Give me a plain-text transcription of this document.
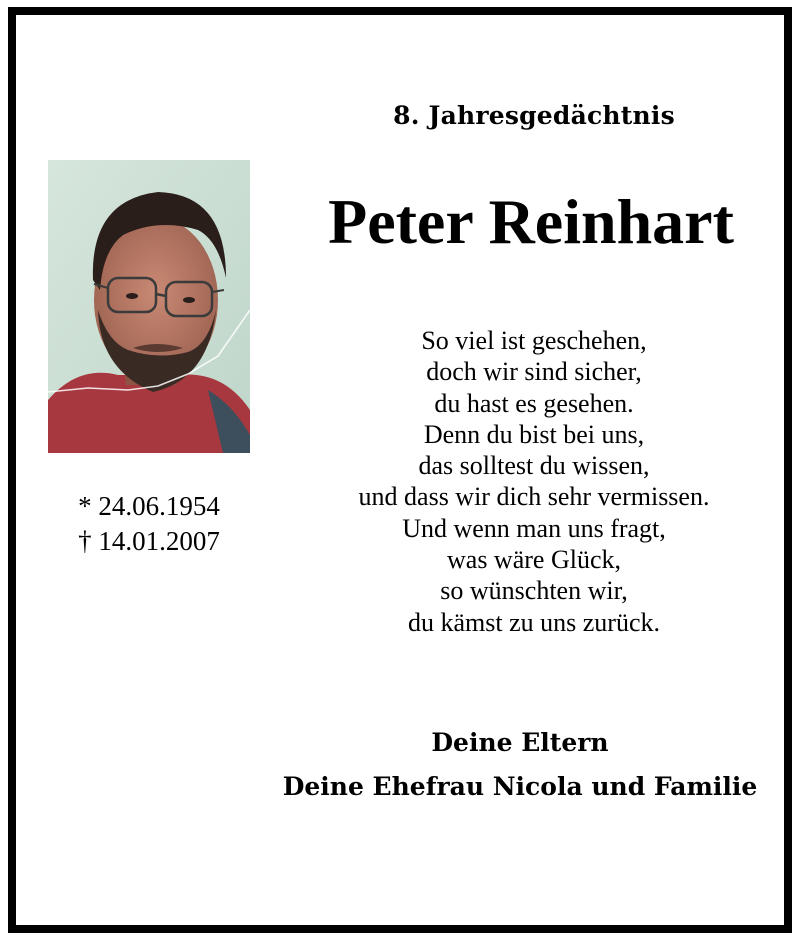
8. Jahresgedächtnis
Peter Reinhart
* 24.06.1954
† 14.01.2007
So viel ist geschehen,
doch wir sind sicher,
du hast es gesehen.
Denn du bist bei uns,
das solltest du wissen,
und dass wir dich sehr vermissen.
Und wenn man uns fragt,
was wäre Glück,
so wünschten wir,
du kämst zu uns zurück.
Deine Eltern
Deine Ehefrau Nicola und Familie
